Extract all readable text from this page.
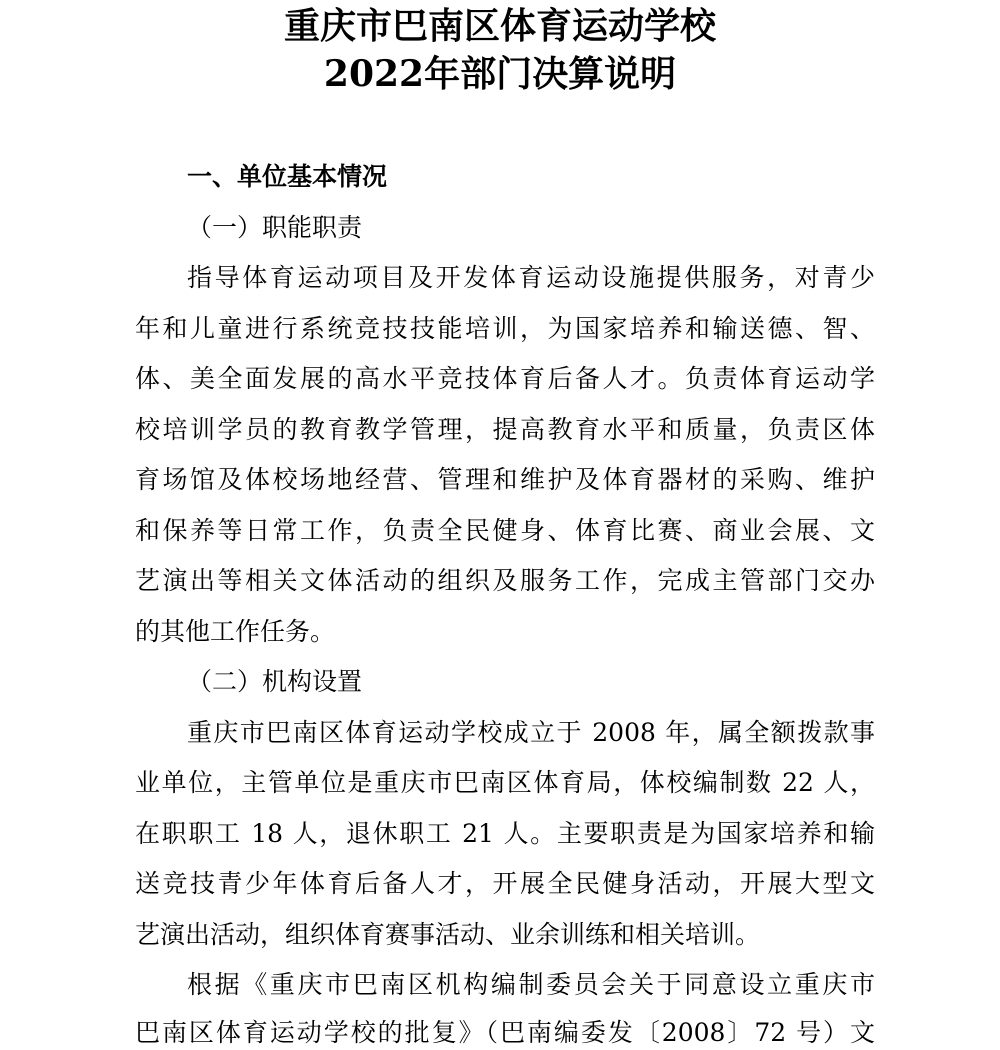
重庆市巴南区体育运动学校
2022年部门决算说明
一、单位基本情况
（一）职能职责
指导体育运动项目及开发体育运动设施提供服务，对青少
年和儿童进行系统竞技技能培训，为国家培养和输送德、智、
体、美全面发展的高水平竞技体育后备人才。负责体育运动学
校培训学员的教育教学管理，提高教育水平和质量，负责区体
育场馆及体校场地经营、管理和维护及体育器材的采购、维护
和保养等日常工作，负责全民健身、体育比赛、商业会展、文
艺演出等相关文体活动的组织及服务工作，完成主管部门交办
的其他工作任务。
（二）机构设置
重庆市巴南区体育运动学校成立于 2008 年，属全额拨款事
业单位，主管单位是重庆市巴南区体育局，体校编制数 22 人，
在职职工 18 人，退休职工 21 人。主要职责是为国家培养和输
送竞技青少年体育后备人才，开展全民健身活动，开展大型文
艺演出活动，组织体育赛事活动、业余训练和相关培训。
根据《重庆市巴南区机构编制委员会关于同意设立重庆市
巴南区体育运动学校的批复》（巴南编委发〔2008〕72 号）文
